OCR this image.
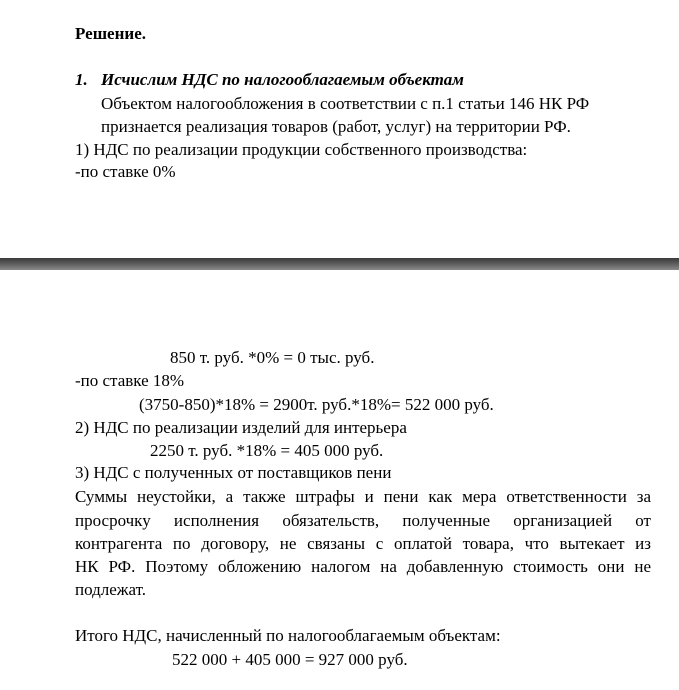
Решение.
1. Исчислим НДС по налогооблагаемым объектам
Объектом налогообложения в соответствии с п.1 статьи 146 НК РФ
признается реализация товаров (работ, услуг) на территории РФ.
1) НДС по реализации продукции собственного производства:
-по ставке 0%
850 т. руб. *0% = 0 тыс. руб.
-по ставке 18%
(3750-850)*18% = 2900т. руб.*18%= 522 000 руб.
2) НДС по реализации изделий для интерьера
2250 т. руб. *18% = 405 000 руб.
3) НДС с полученных от поставщиков пени
Суммы неустойки, а также штрафы и пени как мера ответственности за
просрочку исполнения обязательств, полученные организацией от
контрагента по договору, не связаны с оплатой товара, что вытекает из
НК РФ. Поэтому обложению налогом на добавленную стоимость они не
подлежат.
Итого НДС, начисленный по налогооблагаемым объектам:
522 000 + 405 000 = 927 000 руб.
